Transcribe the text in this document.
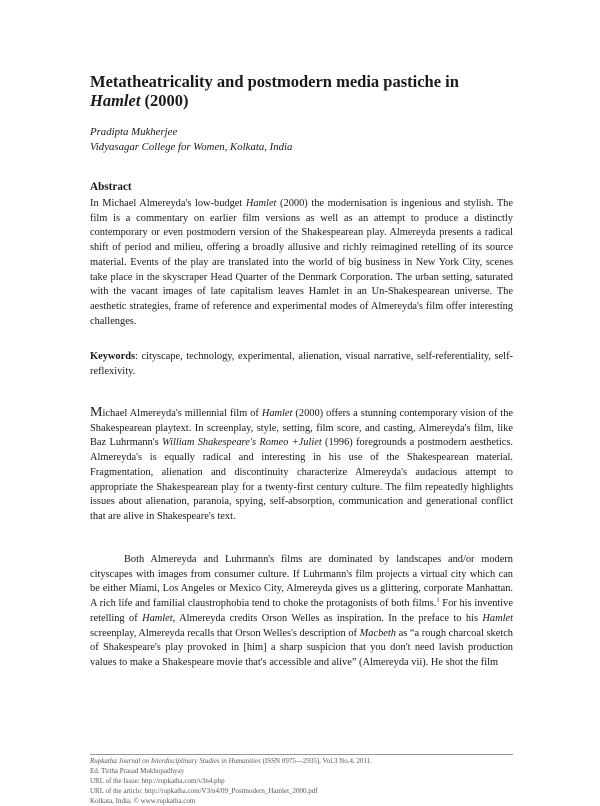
Metatheatricality and postmodern media pastiche in
Hamlet (2000)
Pradipta Mukherjee
Vidyasagar College for Women, Kolkata, India
Abstract
In Michael Almereyda's low-budget Hamlet (2000) the modernisation is ingenious and stylish. The film is a commentary on earlier film versions as well as an attempt to produce a distinctly contemporary or even postmodern version of the Shakespearean play. Almereyda presents a radical shift of period and milieu, offering a broadly allusive and richly reimagined retelling of its source material. Events of the play are translated into the world of big business in New York City, scenes take place in the skyscraper Head Quarter of the Denmark Corporation. The urban setting, saturated with the vacant images of late capitalism leaves Hamlet in an Un-Shakespearean universe. The aesthetic strategies, frame of reference and experimental modes of Almereyda's film offer interesting challenges.
Keywords: cityscape, technology, experimental, alienation, visual narrative, self-referentiality, self-reflexivity.
Michael Almereyda's millennial film of Hamlet (2000) offers a stunning contemporary vision of the Shakespearean playtext. In screenplay, style, setting, film score, and casting, Almereyda's film, like Baz Luhrmann's William Shakespeare's Romeo +Juliet (1996) foregrounds a postmodern aesthetics. Almereyda's is equally radical and interesting in his use of the Shakespearean material. Fragmentation, alienation and discontinuity characterize Almereyda's audacious attempt to appropriate the Shakespearean play for a twenty-first century culture. The film repeatedly highlights issues about alienation, paranoia, spying, self-absorption, communication and generational conflict that are alive in Shakespeare's text.
Both Almereyda and Luhrmann's films are dominated by landscapes and/or modern cityscapes with images from consumer culture. If Luhrmann's film projects a virtual city which can be either Miami, Los Angeles or Mexico City, Almereyda gives us a glittering, corporate Manhattan. A rich life and familial claustrophobia tend to choke the protagonists of both films.$^1$ For his inventive retelling of Hamlet, Almereyda credits Orson Welles as inspiration. In the preface to his Hamlet screenplay, Almereyda recalls that Orson Welles's description of Macbeth as “a rough charcoal sketch of Shakespeare's play provoked in [him] a sharp suspicion that you don't need lavish production values to make a Shakespeare movie that's accessible and alive” (Almereyda vii). He shot the film
Rupkatha Journal on Interdisciplinary Studies in Humanities (ISSN 0975—2935), Vol.3 No.4, 2011.
Ed. Tirtha Prasad Mukhopadhyay
URL of the Issue: http://rupkatha.com/v3n4.php
URL of the article: http://rupkatha.com/V3/n4/09_Postmodern_Hamlet_2000.pdf
Kolkata, India. © www.rupkatha.com
